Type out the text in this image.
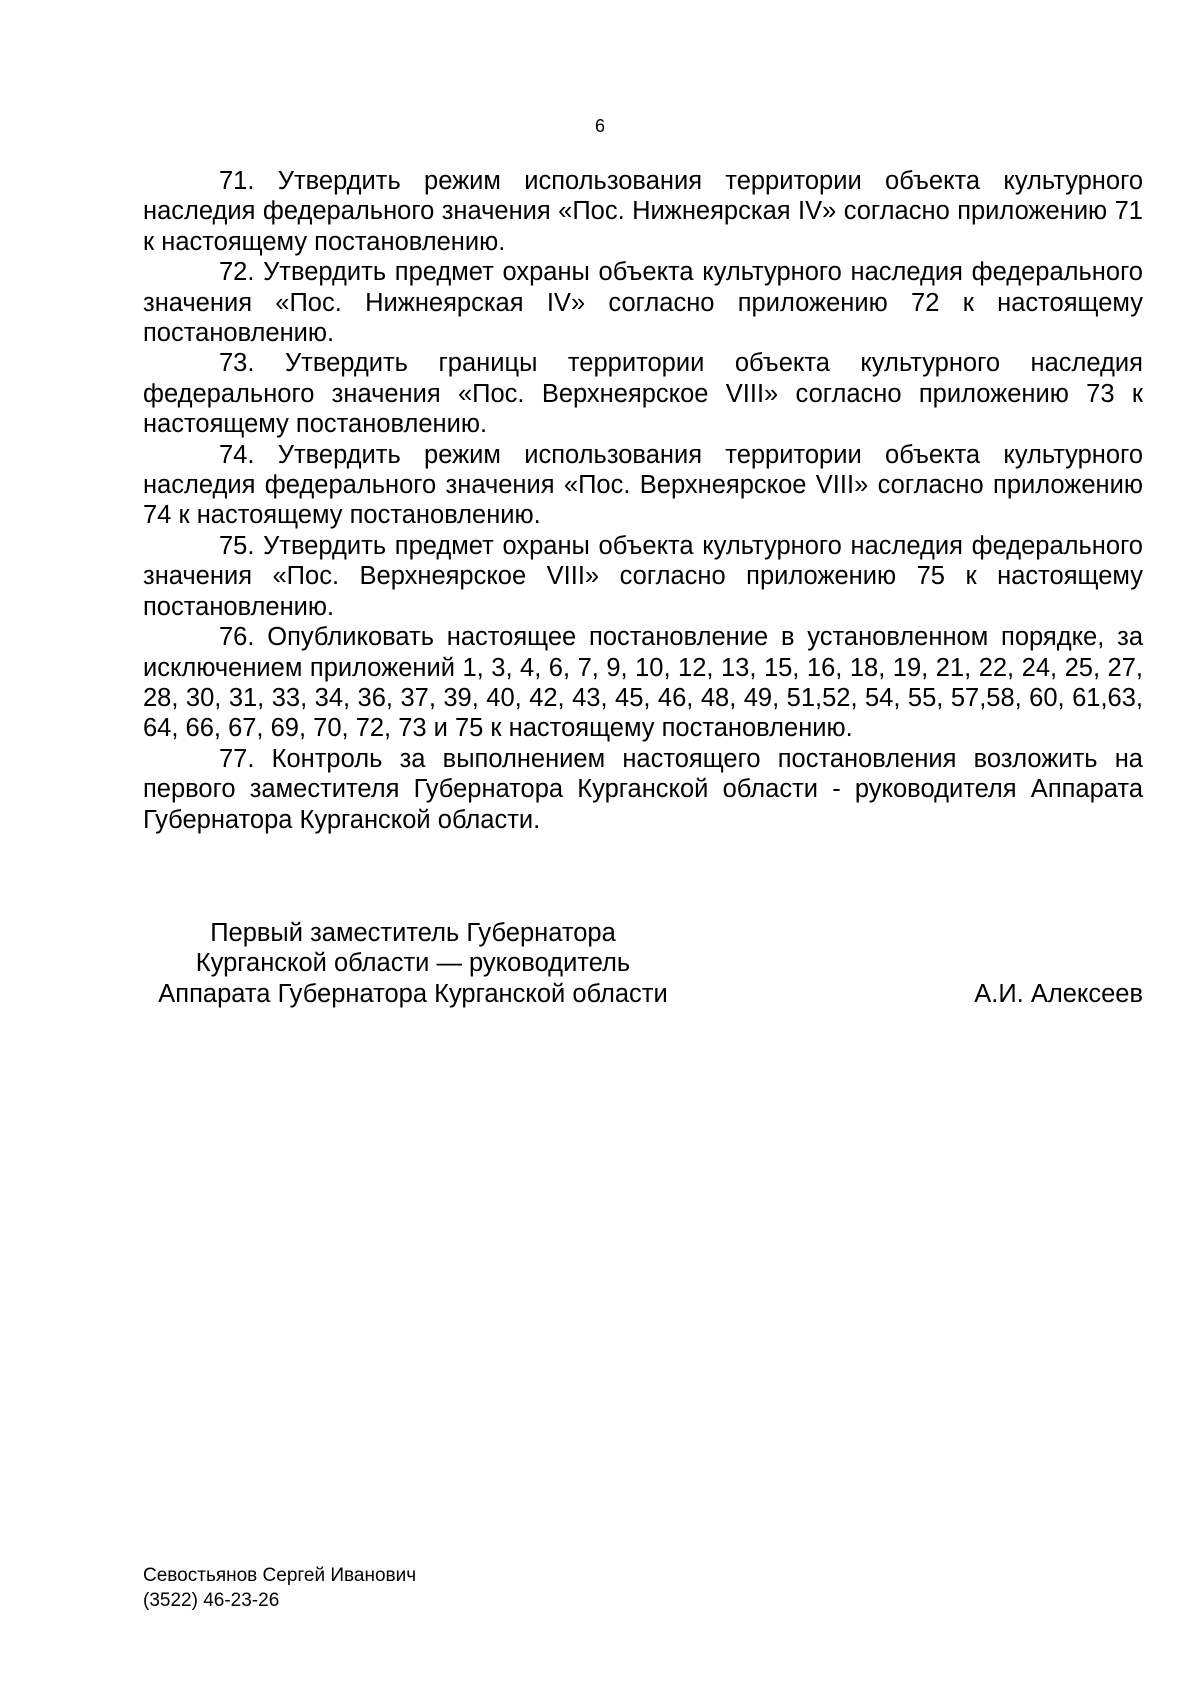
6

71. Утвердить режим использования территории объекта культурного наследия федерального значения «Пос. Нижнеярская IV» согласно приложению 71 к настоящему постановлению.

72. Утвердить предмет охраны объекта культурного наследия федерального значения «Пос. Нижнеярская IV» согласно приложению 72 к настоящему постановлению.

73. Утвердить границы территории объекта культурного наследия федерального значения «Пос. Верхнеярское VIII» согласно приложению 73 к настоящему постановлению.

74. Утвердить режим использования территории объекта культурного наследия федерального значения «Пос. Верхнеярское VIII» согласно приложению 74 к настоящему постановлению.

75. Утвердить предмет охраны объекта культурного наследия федерального значения «Пос. Верхнеярское VIII» согласно приложению 75 к настоящему постановлению.

76. Опубликовать настоящее постановление в установленном порядке, за исключением приложений 1, 3, 4, 6, 7, 9, 10, 12, 13, 15, 16, 18, 19, 21, 22, 24, 25, 27, 28, 30, 31, 33, 34, 36, 37, 39, 40, 42, 43, 45, 46, 48, 49, 51,52, 54, 55, 57,58, 60, 61,63, 64, 66, 67, 69, 70, 72, 73 и 75 к настоящему постановлению.

77. Контроль за выполнением настоящего постановления возложить на первого заместителя Губернатора Курганской области - руководителя Аппарата Губернатора Курганской области.

Первый заместитель Губернатора
Курганской области — руководитель
Аппарата Губернатора Курганской области	А.И. Алексеев
Севостьянов Сергей Иванович
(3522) 46-23-26
